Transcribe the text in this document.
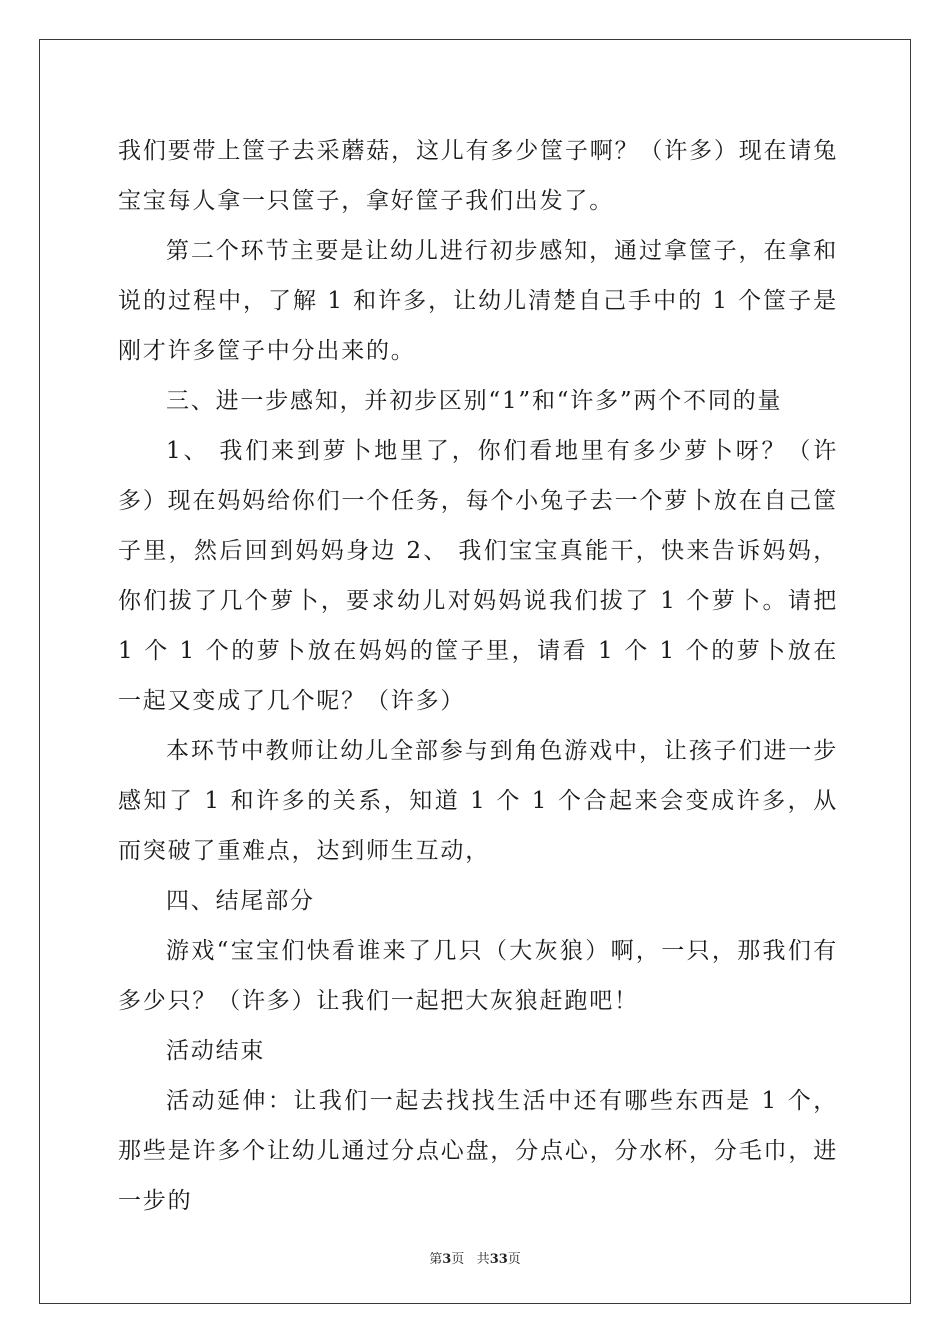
我们要带上筐子去采蘑菇，这儿有多少筐子啊？（许多）现在请兔宝宝每人拿一只筐子，拿好筐子我们出发了。

第二个环节主要是让幼儿进行初步感知，通过拿筐子，在拿和说的过程中，了解 1 和许多，让幼儿清楚自己手中的 1 个筐子是刚才许多筐子中分出来的。

三、进一步感知，并初步区别“1”和“许多”两个不同的量

1、 我们来到萝卜地里了，你们看地里有多少萝卜呀？（许多）现在妈妈给你们一个任务，每个小兔子去一个萝卜放在自己筐子里，然后回到妈妈身边 2、 我们宝宝真能干，快来告诉妈妈，你们拔了几个萝卜，要求幼儿对妈妈说我们拔了 1 个萝卜。请把 1 个 1 个的萝卜放在妈妈的筐子里，请看 1 个 1 个的萝卜放在一起又变成了几个呢？（许多）

本环节中教师让幼儿全部参与到角色游戏中，让孩子们进一步感知了 1 和许多的关系，知道 1 个 1 个合起来会变成许多，从而突破了重难点，达到师生互动，

四、结尾部分

游戏“宝宝们快看谁来了几只（大灰狼）啊，一只，那我们有多少只？（许多）让我们一起把大灰狼赶跑吧！

活动结束

活动延伸：让我们一起去找找生活中还有哪些东西是 1 个，那些是许多个让幼儿通过分点心盘，分点心，分水杯，分毛巾，进一步的

第3页 共33页
